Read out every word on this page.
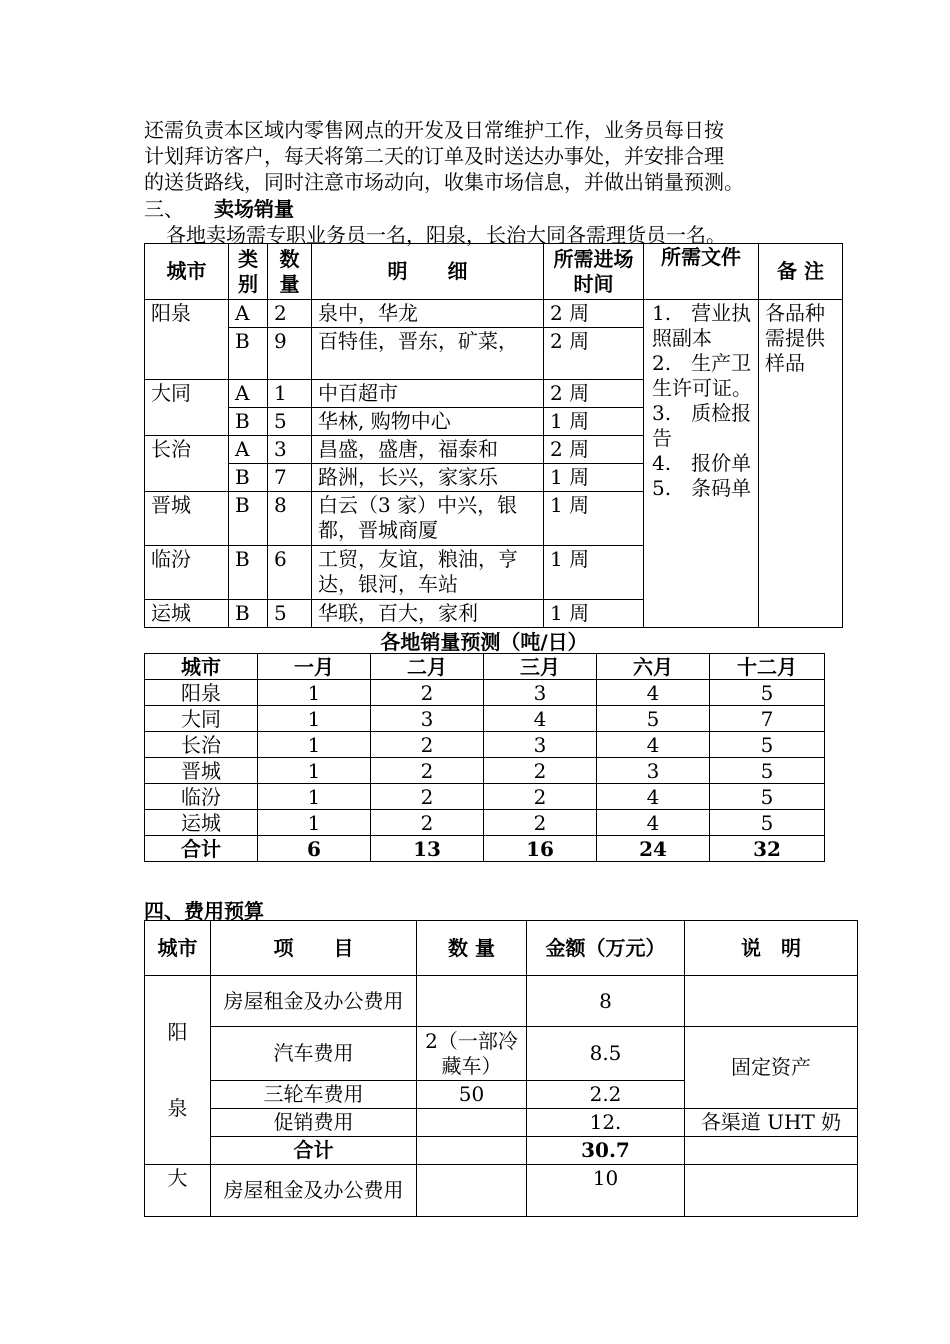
还需负责本区域内零售网点的开发及日常维护工作，业务员每日按
计划拜访客户，每天将第二天的订单及时送达办事处，并安排合理
的送货路线，同时注意市场动向，收集市场信息，并做出销量预测。
三、 卖场销量
各地卖场需专职业务员一名，阳泉，长治大同各需理货员一名。
城市	类别	数量	明　　细	所需进场时间	所需文件	备 注
阳泉	A	2	泉中，华龙	2 周	1.　营业执照副本
2.　生产卫生许可证。
3.　质检报告
4.　报价单
5.　条码单	各品种需提供样品
	B	9	百特佳，晋东，矿菜，	2 周		
大同	A	1	中百超市	2 周		
	B	5	华林, 购物中心	1 周		
长治	A	3	昌盛，盛唐，福泰和	2 周		
	B	7	路洲，长兴，家家乐	1 周		
晋城	B	8	白云（3 家）中兴，银都，晋城商厦	1 周		
临汾	B	6	工贸，友谊，粮油，亨达，银河，车站	1 周		
运城	B	5	华联，百大，家利	1 周		
各地销量预测（吨/日）
城市	一月	二月	三月	六月	十二月
阳泉	1	2	3	4	5
大同	1	3	4	5	7
长治	1	2	3	4	5
晋城	1	2	2	3	5
临汾	1	2	2	4	5
运城	1	2	2	4	5
合计	6	13	16	24	32
四、费用预算
城市	项　　目	数 量	金额（万元）	说　明

阳
泉	房屋租金及办公费用		8	
	汽车费用	2（一部冷藏车）	8.5	固定资产
	三轮车费用	50	2.2	
	促销费用		12.	各渠道 UHT 奶
	合计		30.7	
大	房屋租金及办公费用		10	
